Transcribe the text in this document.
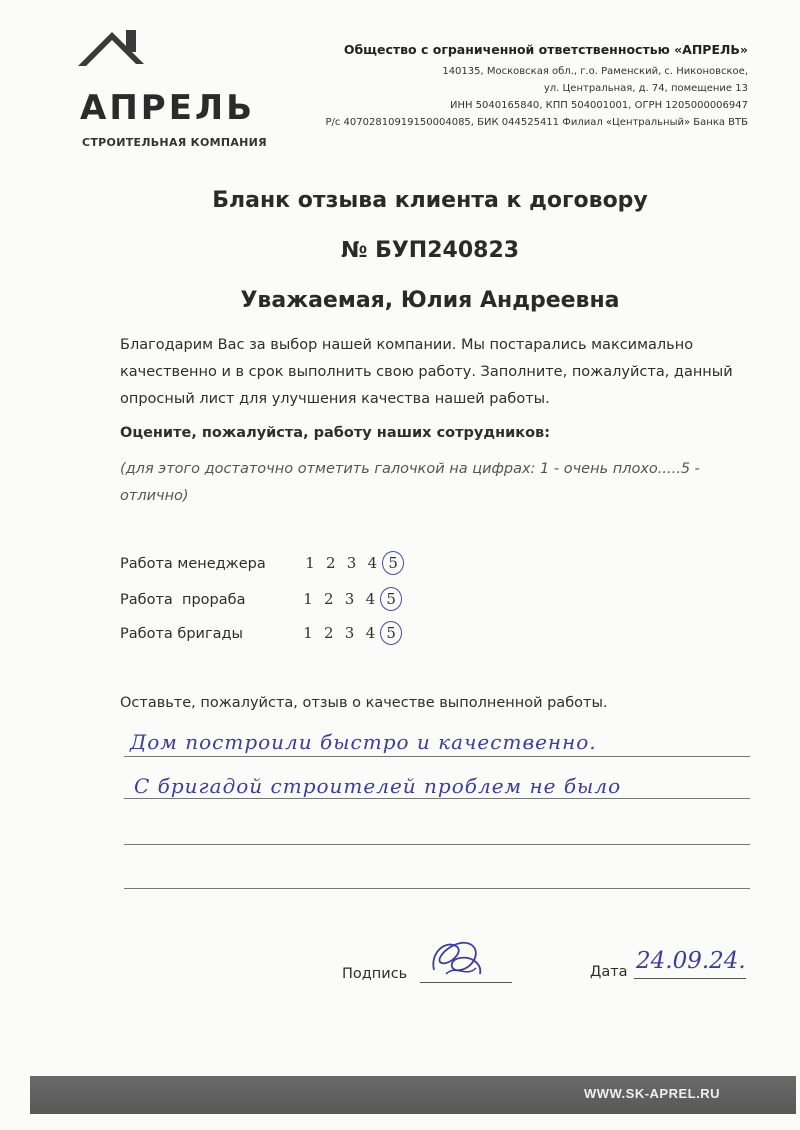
АПРЕЛЬ
СТРОИТЕЛЬНАЯ КОМПАНИЯ
Общество с ограниченной ответственностью «АПРЕЛЬ»
140135, Московская обл., г.о. Раменский, с. Никоновское,
ул. Центральная, д. 74, помещение 13
ИНН 5040165840, КПП 504001001, ОГРН 1205000006947
Р/с 40702810919150004085, БИК 044525411 Филиал «Центральный» Банка ВТБ
Бланк отзыва клиента к договору
№ БУП240823
Уважаемая, Юлия Андреевна
Благодарим Вас за выбор нашей компании. Мы постарались максимально качественно и в срок выполнить свою работу. Заполните, пожалуйста, данный опросный лист для улучшения качества нашей работы.
Оцените, пожалуйста, работу наших сотрудников:
(для этого достаточно отметить галочкой на цифрах: 1 - очень плохо.....5 - отлично)
Работа менеджера	1 2 3 4 5
Работа  прораба	1 2 3 4 5
Работа бригады	1 2 3 4 5
Оставьте, пожалуйста, отзыв о качестве выполненной работы.
Дом построили быстро и качественно.
С бригадой строителей проблем не было
Подпись	Дата 24.09.24.
WWW.SK-APREL.RU
